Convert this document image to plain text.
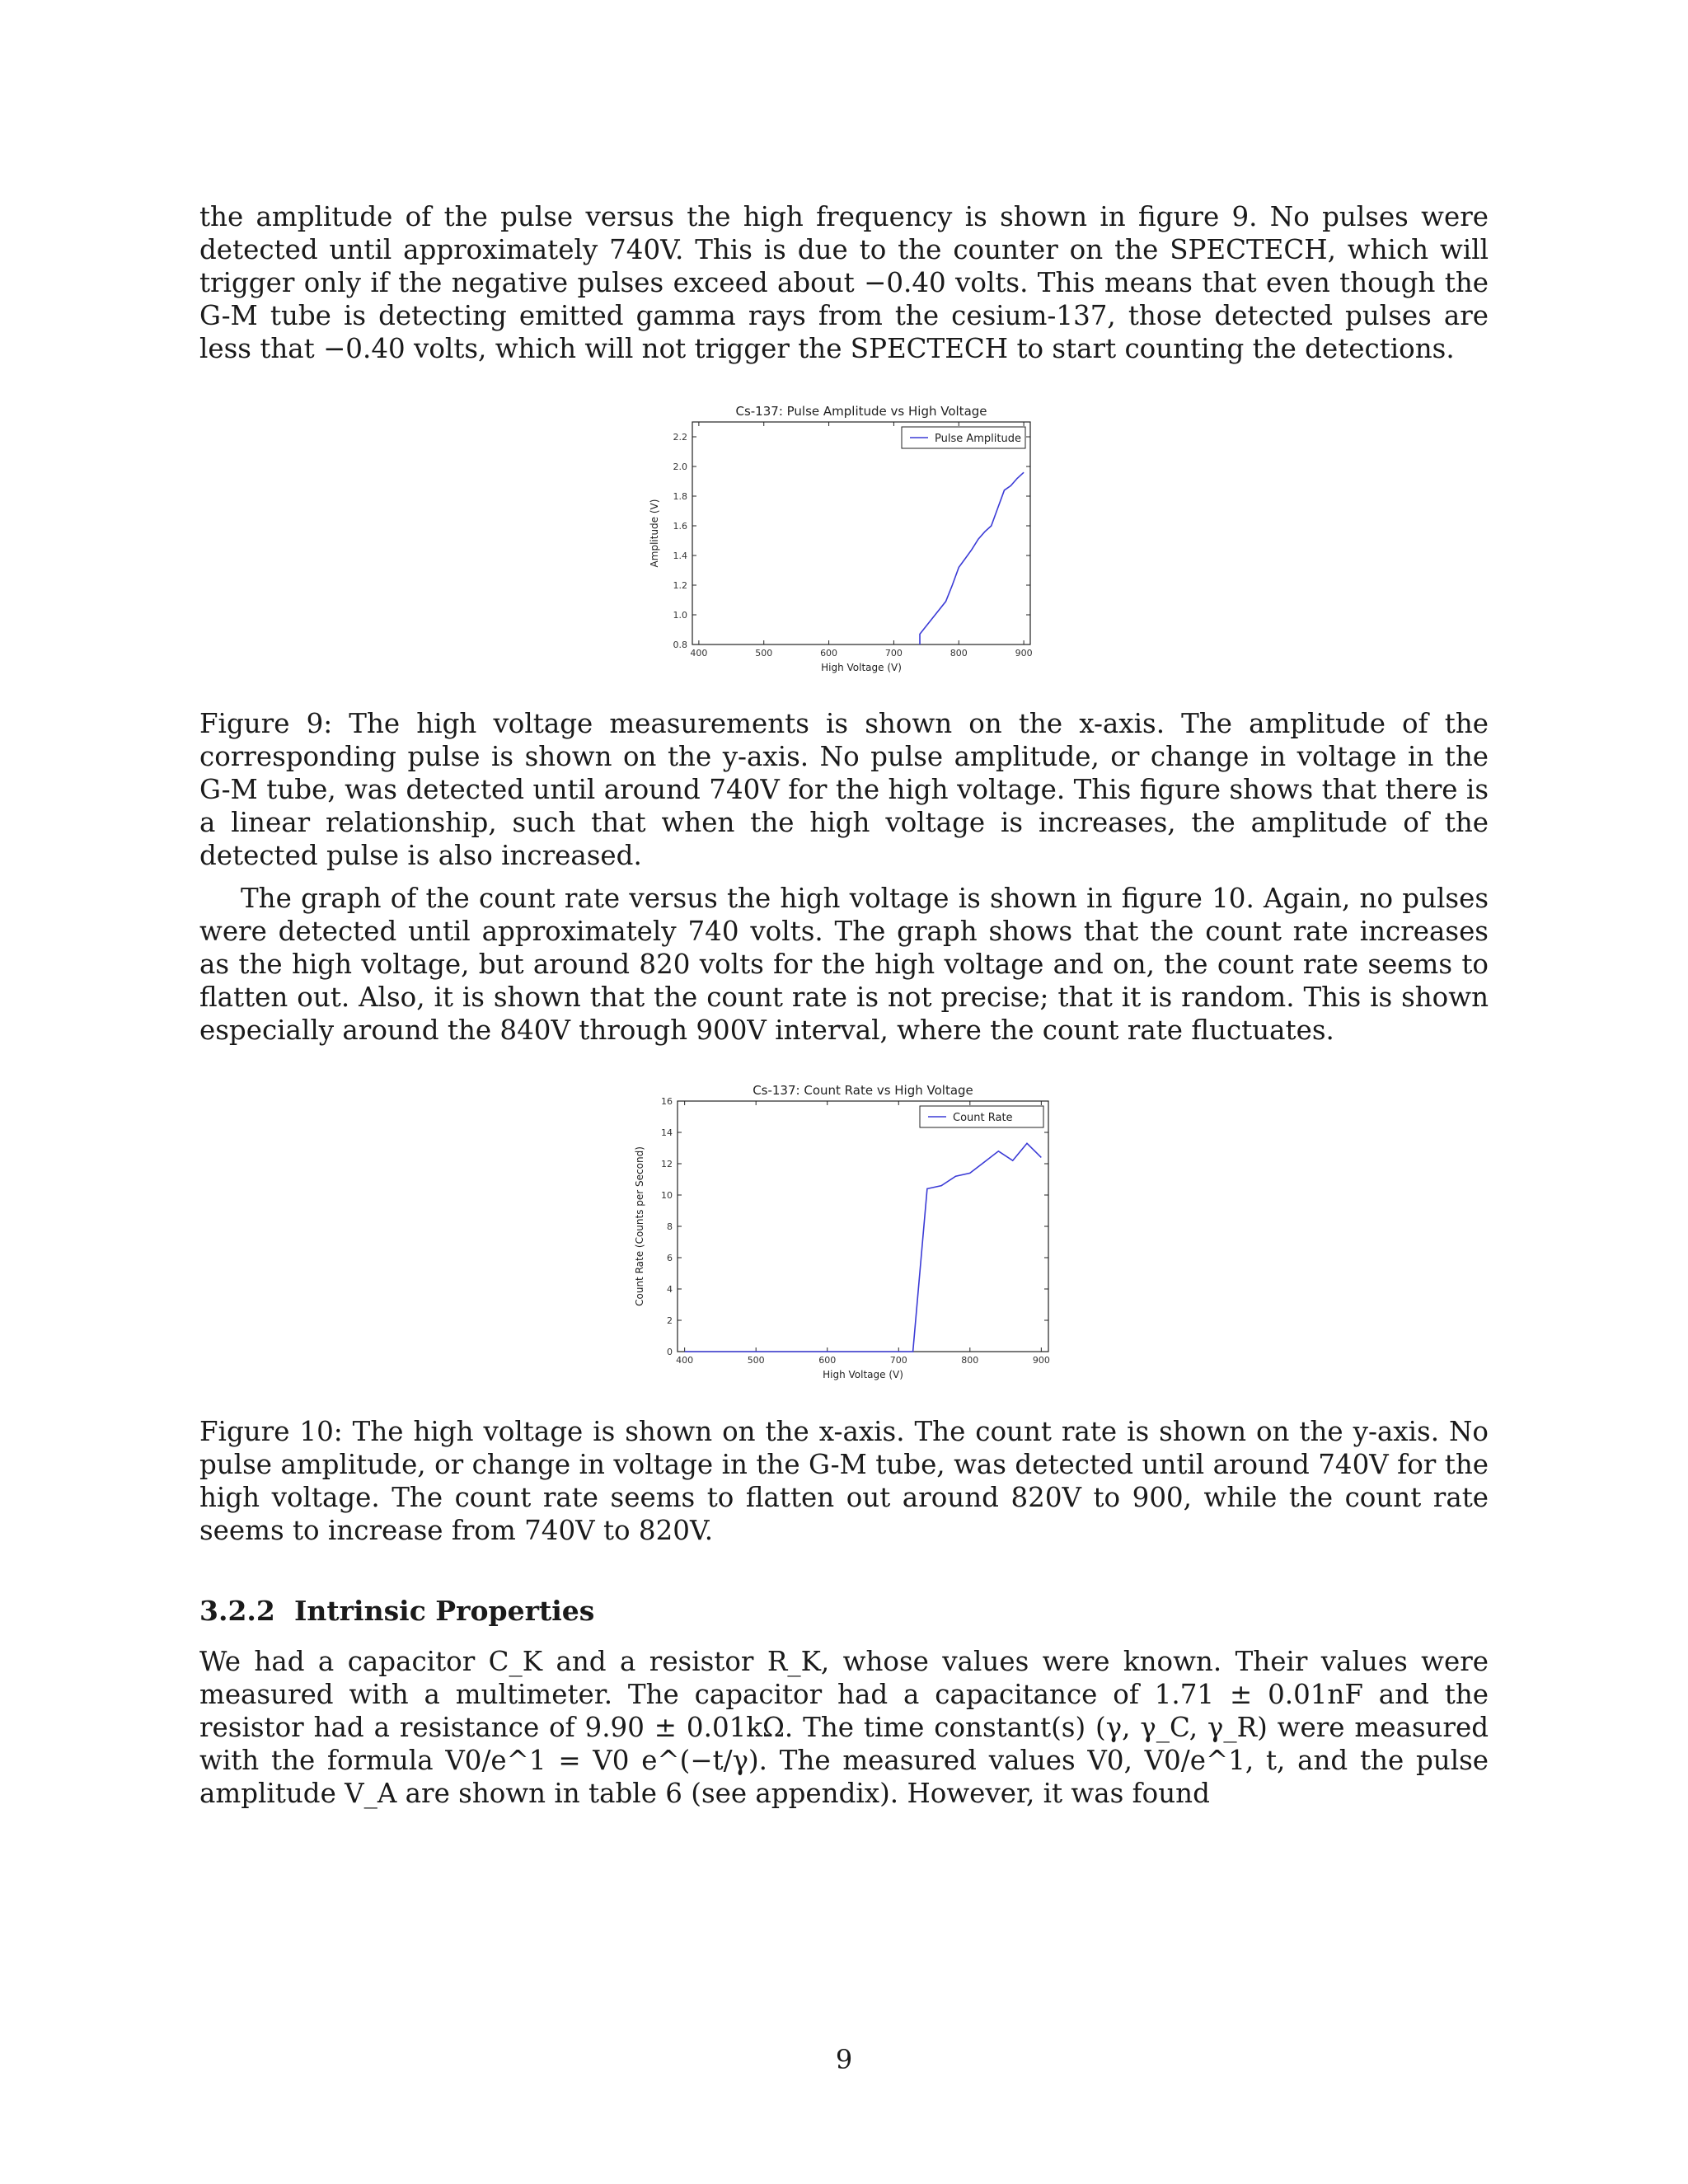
the amplitude of the pulse versus the high frequency is shown in figure 9. No pulses were detected until approximately 740V. This is due to the counter on the SPECTECH, which will trigger only if the negative pulses exceed about −0.40 volts. This means that even though the G-M tube is detecting emitted gamma rays from the cesium-137, those detected pulses are less that −0.40 volts, which will not trigger the SPECTECH to start counting the detections.

Cs-137: Pulse Amplitude vs High Voltage
400	500	600	700	800	900
0.8
1.0
1.2
1.4
1.6
1.8
2.0
2.2
High Voltage (V)
Amplitude (V)
Pulse Amplitude

Figure 9: The high voltage measurements is shown on the x-axis. The amplitude of the corresponding pulse is shown on the y-axis. No pulse amplitude, or change in voltage in the G-M tube, was detected until around 740V for the high voltage. This figure shows that there is a linear relationship, such that when the high voltage is increases, the amplitude of the detected pulse is also increased.

The graph of the count rate versus the high voltage is shown in figure 10. Again, no pulses were detected until approximately 740 volts. The graph shows that the count rate increases as the high voltage, but around 820 volts for the high voltage and on, the count rate seems to flatten out. Also, it is shown that the count rate is not precise; that it is random. This is shown especially around the 840V through 900V interval, where the count rate fluctuates.

Cs-137: Count Rate vs High Voltage
400	500	600	700	800	900
0
2
4
6
8
10
12
14
16
High Voltage (V)
Count Rate (Counts per Second)
Count Rate

Figure 10: The high voltage is shown on the x-axis. The count rate is shown on the y-axis. No pulse amplitude, or change in voltage in the G-M tube, was detected until around 740V for the high voltage. The count rate seems to flatten out around 820V to 900, while the count rate seems to increase from 740V to 820V.

3.2.2 Intrinsic Properties

We had a capacitor C_K and a resistor R_K, whose values were known. Their values were measured with a multimeter. The capacitor had a capacitance of 1.71 ± 0.01nF and the resistor had a resistance of 9.90 ± 0.01kΩ. The time constant(s) (γ, γ_C, γ_R) were measured with the formula V0/e^1 = V0 e^(−t/γ). The measured values V0, V0/e^1, t, and the pulse amplitude V_A are shown in table 6 (see appendix). However, it was found

9
